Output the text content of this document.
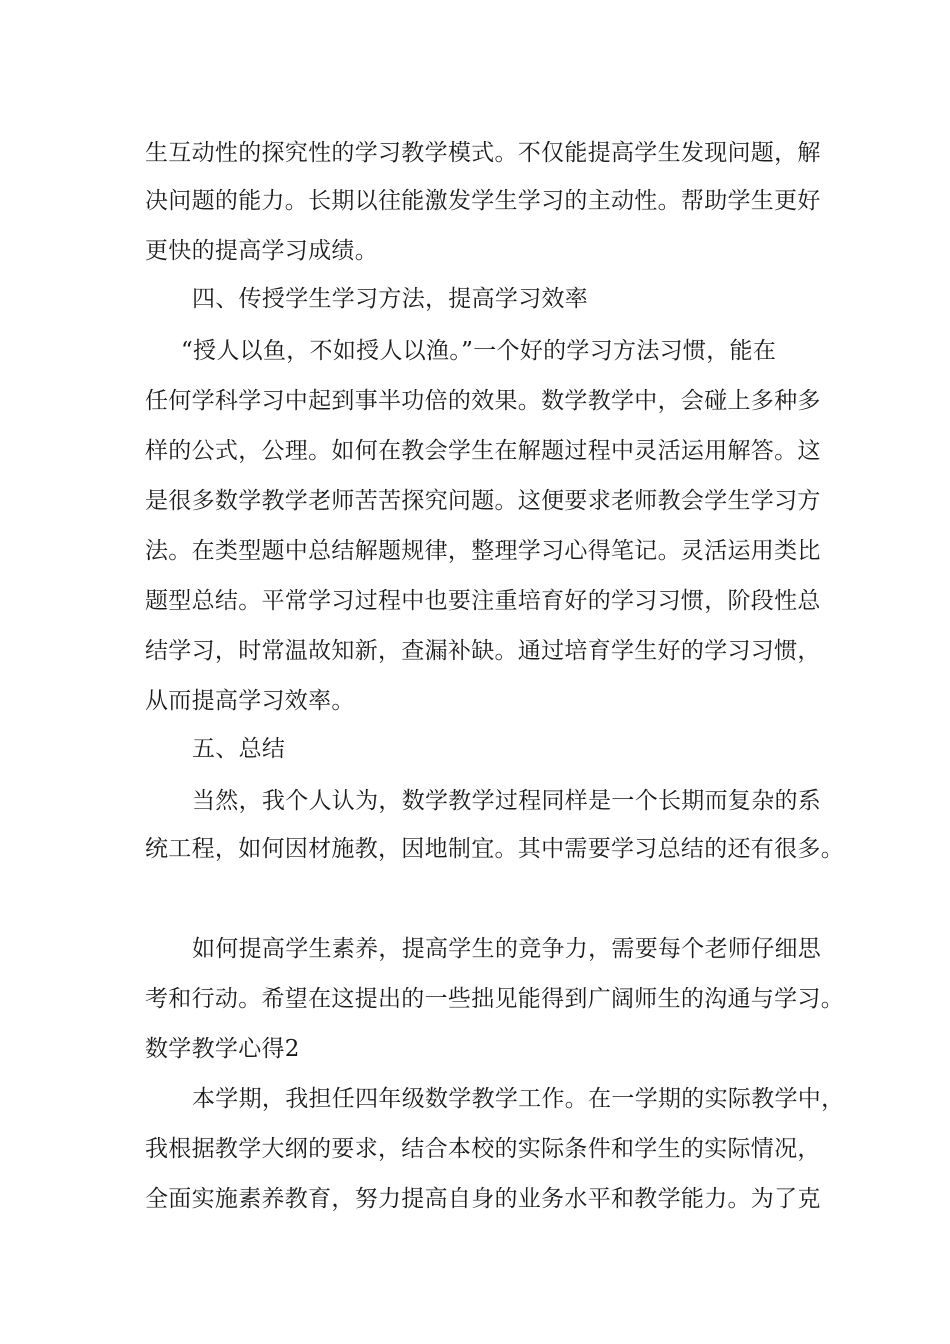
生互动性的探究性的学习教学模式。不仅能提高学生发现问题，解
决问题的能力。长期以往能激发学生学习的主动性。帮助学生更好
更快的提高学习成绩。
四、传授学生学习方法，提高学习效率
“授人以鱼，不如授人以渔。”一个好的学习方法习惯，能在
任何学科学习中起到事半功倍的效果。数学教学中，会碰上多种多
样的公式，公理。如何在教会学生在解题过程中灵活运用解答。这
是很多数学教学老师苦苦探究问题。这便要求老师教会学生学习方
法。在类型题中总结解题规律，整理学习心得笔记。灵活运用类比
题型总结。平常学习过程中也要注重培育好的学习习惯，阶段性总
结学习，时常温故知新，查漏补缺。通过培育学生好的学习习惯，
从而提高学习效率。
五、总结
当然，我个人认为，数学教学过程同样是一个长期而复杂的系
统工程，如何因材施教，因地制宜。其中需要学习总结的还有很多。
如何提高学生素养，提高学生的竞争力，需要每个老师仔细思
考和行动。希望在这提出的一些拙见能得到广阔师生的沟通与学习。
数学教学心得2
本学期，我担任四年级数学教学工作。在一学期的实际教学中，
我根据教学大纲的要求，结合本校的实际条件和学生的实际情况，
全面实施素养教育，努力提高自身的业务水平和教学能力。为了克
